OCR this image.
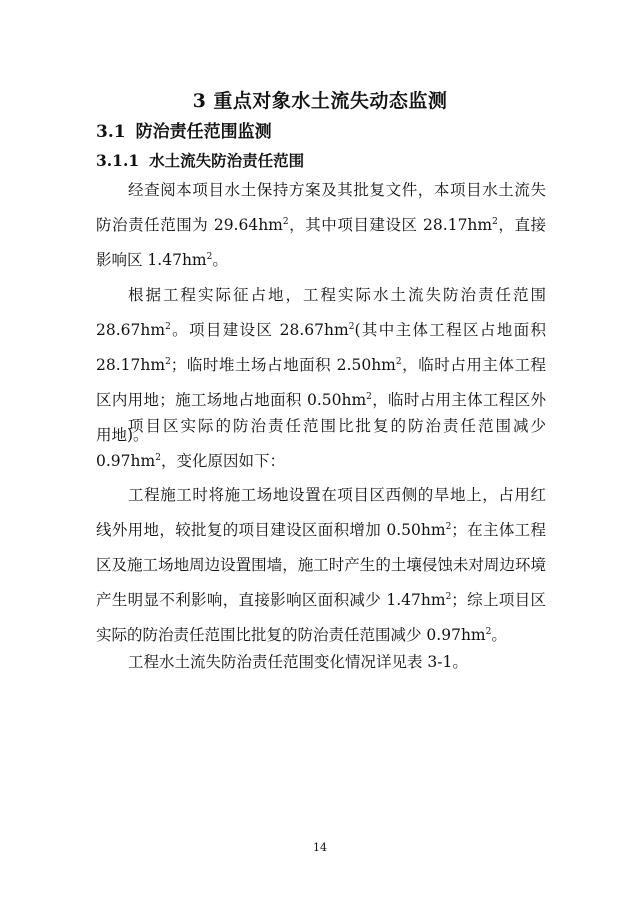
3 重点对象水土流失动态监测
3.1 防治责任范围监测
3.1.1 水土流失防治责任范围

经查阅本项目水土保持方案及其批复文件，本项目水土流失防治责任范围为 $29.64hm^2$，其中项目建设区 $28.17hm^2$，直接影响区 $1.47hm^2$。

根据工程实际征占地，工程实际水土流失防治责任范围 $28.67hm^2$。项目建设区 $28.67hm^2$(其中主体工程区占地面积 $28.17hm^2$；临时堆土场占地面积 $2.50hm^2$，临时占用主体工程区内用地；施工场地占地面积 $0.50hm^2$，临时占用主体工程区外用地)。

项目区实际的防治责任范围比批复的防治责任范围减少 $0.97hm^2$，变化原因如下：

工程施工时将施工场地设置在项目区西侧的旱地上，占用红线外用地，较批复的项目建设区面积增加 $0.50hm^2$；在主体工程区及施工场地周边设置围墙，施工时产生的土壤侵蚀未对周边环境产生明显不利影响，直接影响区面积减少 $1.47hm^2$；综上项目区实际的防治责任范围比批复的防治责任范围减少 $0.97hm^2$。

工程水土流失防治责任范围变化情况详见表 3-1。

14
